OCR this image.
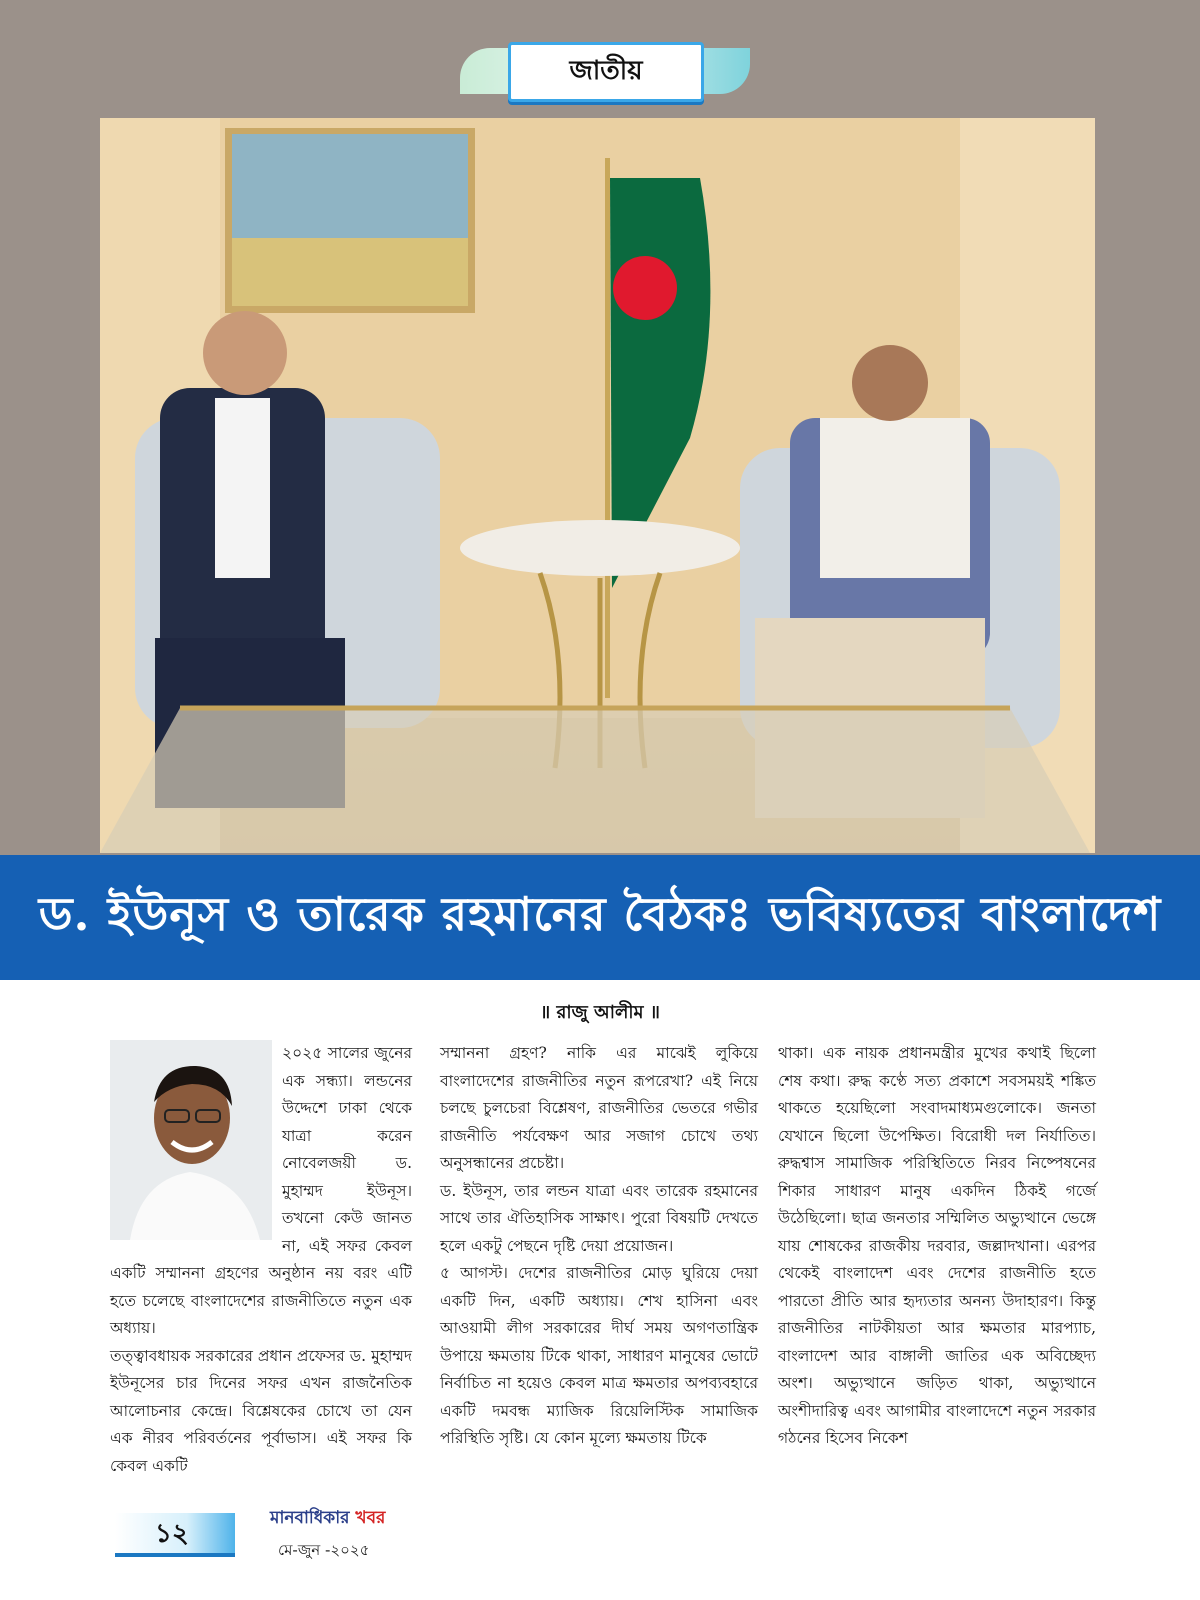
জাতীয়
ড. ইউনূস ও তারেক রহমানের বৈঠকঃ ভবিষ্যতের বাংলাদেশ
॥ রাজু আলীম ॥

২০২৫ সালের জুনের এক সন্ধ্যা। লন্ডনের উদ্দেশে ঢাকা থেকে যাত্রা করেন নোবেলজয়ী ড. মুহাম্মদ ইউনূস। তখনো কেউ জানত না, এই সফর কেবল একটি সম্মাননা গ্রহণের অনুষ্ঠান নয় বরং এটি হতে চলেছে বাংলাদেশের রাজনীতিতে নতুন এক অধ্যায়।

তত্ত্বাবধায়ক সরকারের প্রধান প্রফেসর ড. মুহাম্মদ ইউনূসের চার দিনের সফর এখন রাজনৈতিক আলোচনার কেন্দ্রে। বিশ্লেষকের চোখে তা যেন এক নীরব পরিবর্তনের পূর্বাভাস। এই সফর কি কেবল একটি

সম্মাননা গ্রহণ? নাকি এর মাঝেই লুকিয়ে বাংলাদেশের রাজনীতির নতুন রূপরেখা? এই নিয়ে চলছে চুলচেরা বিশ্লেষণ, রাজনীতির ভেতরে গভীর রাজনীতি পর্যবেক্ষণ আর সজাগ চোখে তথ্য অনুসন্ধানের প্রচেষ্টা।

ড. ইউনূস, তার লন্ডন যাত্রা এবং তারেক রহমানের সাথে তার ঐতিহাসিক সাক্ষাৎ। পুরো বিষয়টি দেখতে হলে একটু পেছনে দৃষ্টি দেয়া প্রয়োজন।

৫ আগস্ট। দেশের রাজনীতির মোড় ঘুরিয়ে দেয়া একটি দিন, একটি অধ্যায়। শেখ হাসিনা এবং আওয়ামী লীগ সরকারের দীর্ঘ সময় অগণতান্ত্রিক উপায়ে ক্ষমতায় টিকে থাকা, সাধারণ মানুষের ভোটে নির্বাচিত না হয়েও কেবল মাত্র ক্ষমতার অপব্যবহারে একটি দমবন্ধ ম্যাজিক রিয়েলিস্টিক সামাজিক পরিস্থিতি সৃষ্টি। যে কোন মূল্যে ক্ষমতায় টিকে

থাকা। এক নায়ক প্রধানমন্ত্রীর মুখের কথাই ছিলো শেষ কথা। রুদ্ধ কণ্ঠে সত্য প্রকাশে সবসময়ই শঙ্কিত থাকতে হয়েছিলো সংবাদমাধ্যমগুলোকে। জনতা যেখানে ছিলো উপেক্ষিত। বিরোধী দল নির্যাতিত। রুদ্ধশ্বাস সামাজিক পরিস্থিতিতে নিরব নিষ্পেষনের শিকার সাধারণ মানুষ একদিন ঠিকই গর্জে উঠেছিলো। ছাত্র জনতার সম্মিলিত অভ্যুত্থানে ভেঙ্গে যায় শোষকের রাজকীয় দরবার, জল্লাদখানা। এরপর থেকেই বাংলাদেশ এবং দেশের রাজনীতি হতে পারতো প্রীতি আর হৃদ্যতার অনন্য উদাহারণ। কিন্তু রাজনীতির নাটকীয়তা আর ক্ষমতার মারপ্যাচ, বাংলাদেশ আর বাঙ্গালী জাতির এক অবিচ্ছেদ্য অংশ। অভ্যুত্থানে জড়িত থাকা, অভ্যুত্থানে অংশীদারিত্ব এবং আগামীর বাংলাদেশে নতুন সরকার গঠনের হিসেব নিকেশ

১২
মানবাধিকার খবর
মে-জুন -২০২৫
